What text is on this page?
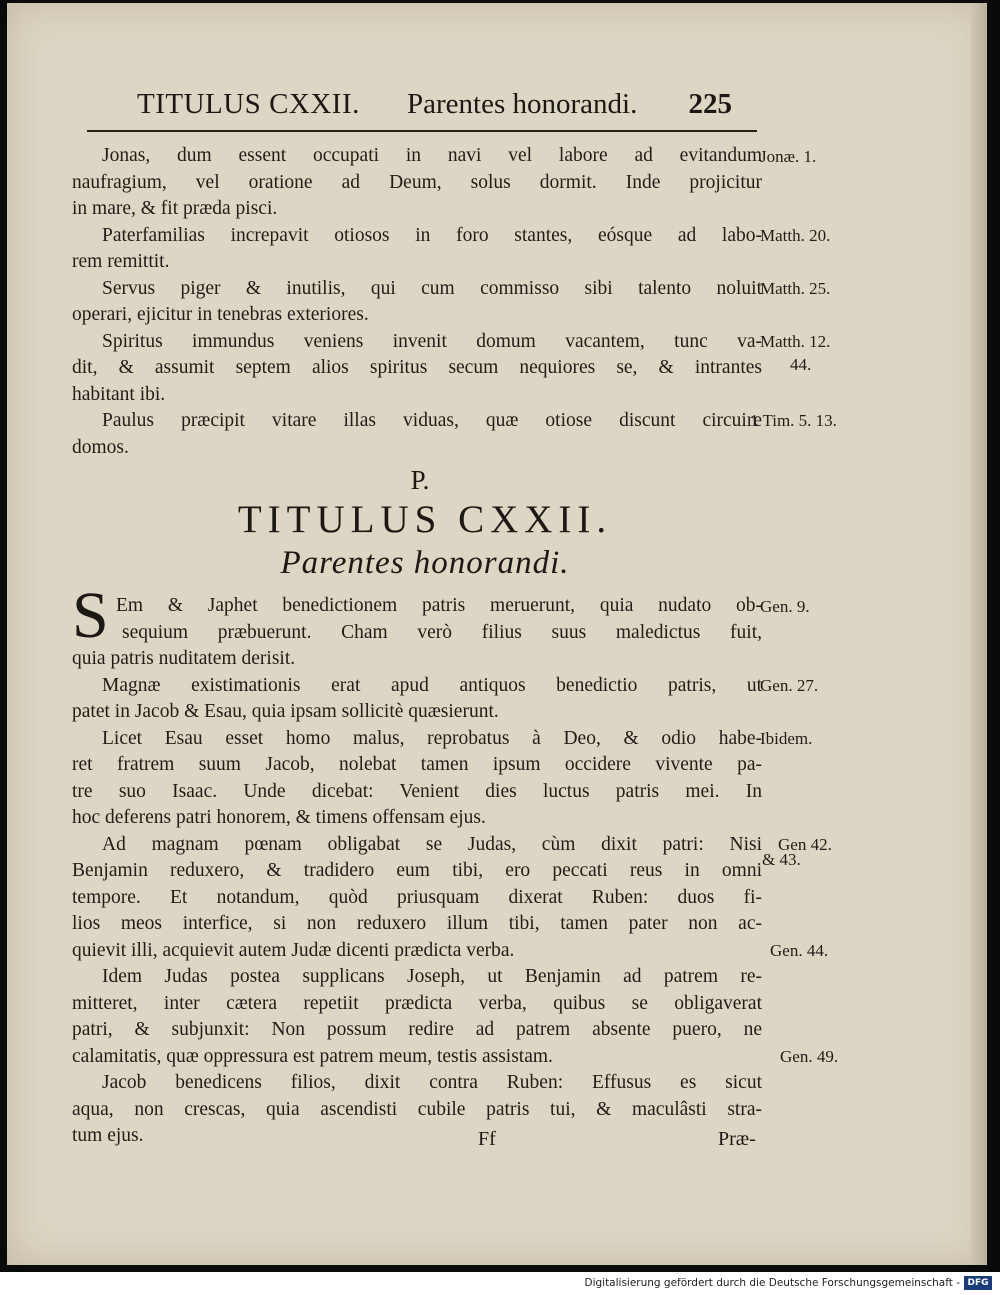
TITULUS CXXII. Parentes honorandi. 225
Jonas, dum essent occupati in navi vel labore ad evitandum
naufragium, vel oratione ad Deum, solus dormit. Inde projicitur
in mare, & fit præda pisci.
Paterfamilias increpavit otiosos in foro stantes, eósque ad labo-
rem remittit.
Servus piger & inutilis, qui cum commisso sibi talento noluit
operari, ejicitur in tenebras exteriores.
Spiritus immundus veniens invenit domum vacantem, tunc va-
dit, & assumit septem alios spiritus secum nequiores se, & intrantes
habitant ibi.
Paulus præcipit vitare illas viduas, quæ otiose discunt circuire
domos.
Jonæ. 1.
Matth. 20.
Matth. 25.
Matth. 12.
44.
1 Tim. 5. 13.
P.
TITULUS CXXII.
Parentes honorandi.
S Em & Japhet benedictionem patris meruerunt, quia nudato ob-
sequium præbuerunt. Cham verò filius suus maledictus fuit,
quia patris nuditatem derisit.
Magnæ existimationis erat apud antiquos benedictio patris, ut
patet in Jacob & Esau, quia ipsam sollicitè quæsierunt.
Licet Esau esset homo malus, reprobatus à Deo, & odio habe-
ret fratrem suum Jacob, nolebat tamen ipsum occidere vivente pa-
tre suo Isaac. Unde dicebat: Venient dies luctus patris mei. In
hoc deferens patri honorem, & timens offensam ejus.
Ad magnam pœnam obligabat se Judas, cùm dixit patri: Nisi
Benjamin reduxero, & tradidero eum tibi, ero peccati reus in omni
tempore. Et notandum, quòd priusquam dixerat Ruben: duos fi-
lios meos interfice, si non reduxero illum tibi, tamen pater non ac-
quievit illi, acquievit autem Judæ dicenti prædicta verba.
Idem Judas postea supplicans Joseph, ut Benjamin ad patrem re-
mitteret, inter cætera repetiit prædicta verba, quibus se obligaverat
patri, & subjunxit: Non possum redire ad patrem absente puero, ne
calamitatis, quæ oppressura est patrem meum, testis assistam.
Jacob benedicens filios, dixit contra Ruben: Effusus es sicut
aqua, non crescas, quia ascendisti cubile patris tui, & maculâsti stra-
tum ejus.
Gen. 9.
Gen. 27.
Ibidem.
Gen 42.
& 43.
Gen. 44.
Gen. 49.
Ff	Præ-
Digitalisierung gefördert durch die Deutsche Forschungsgemeinschaft - DFG
